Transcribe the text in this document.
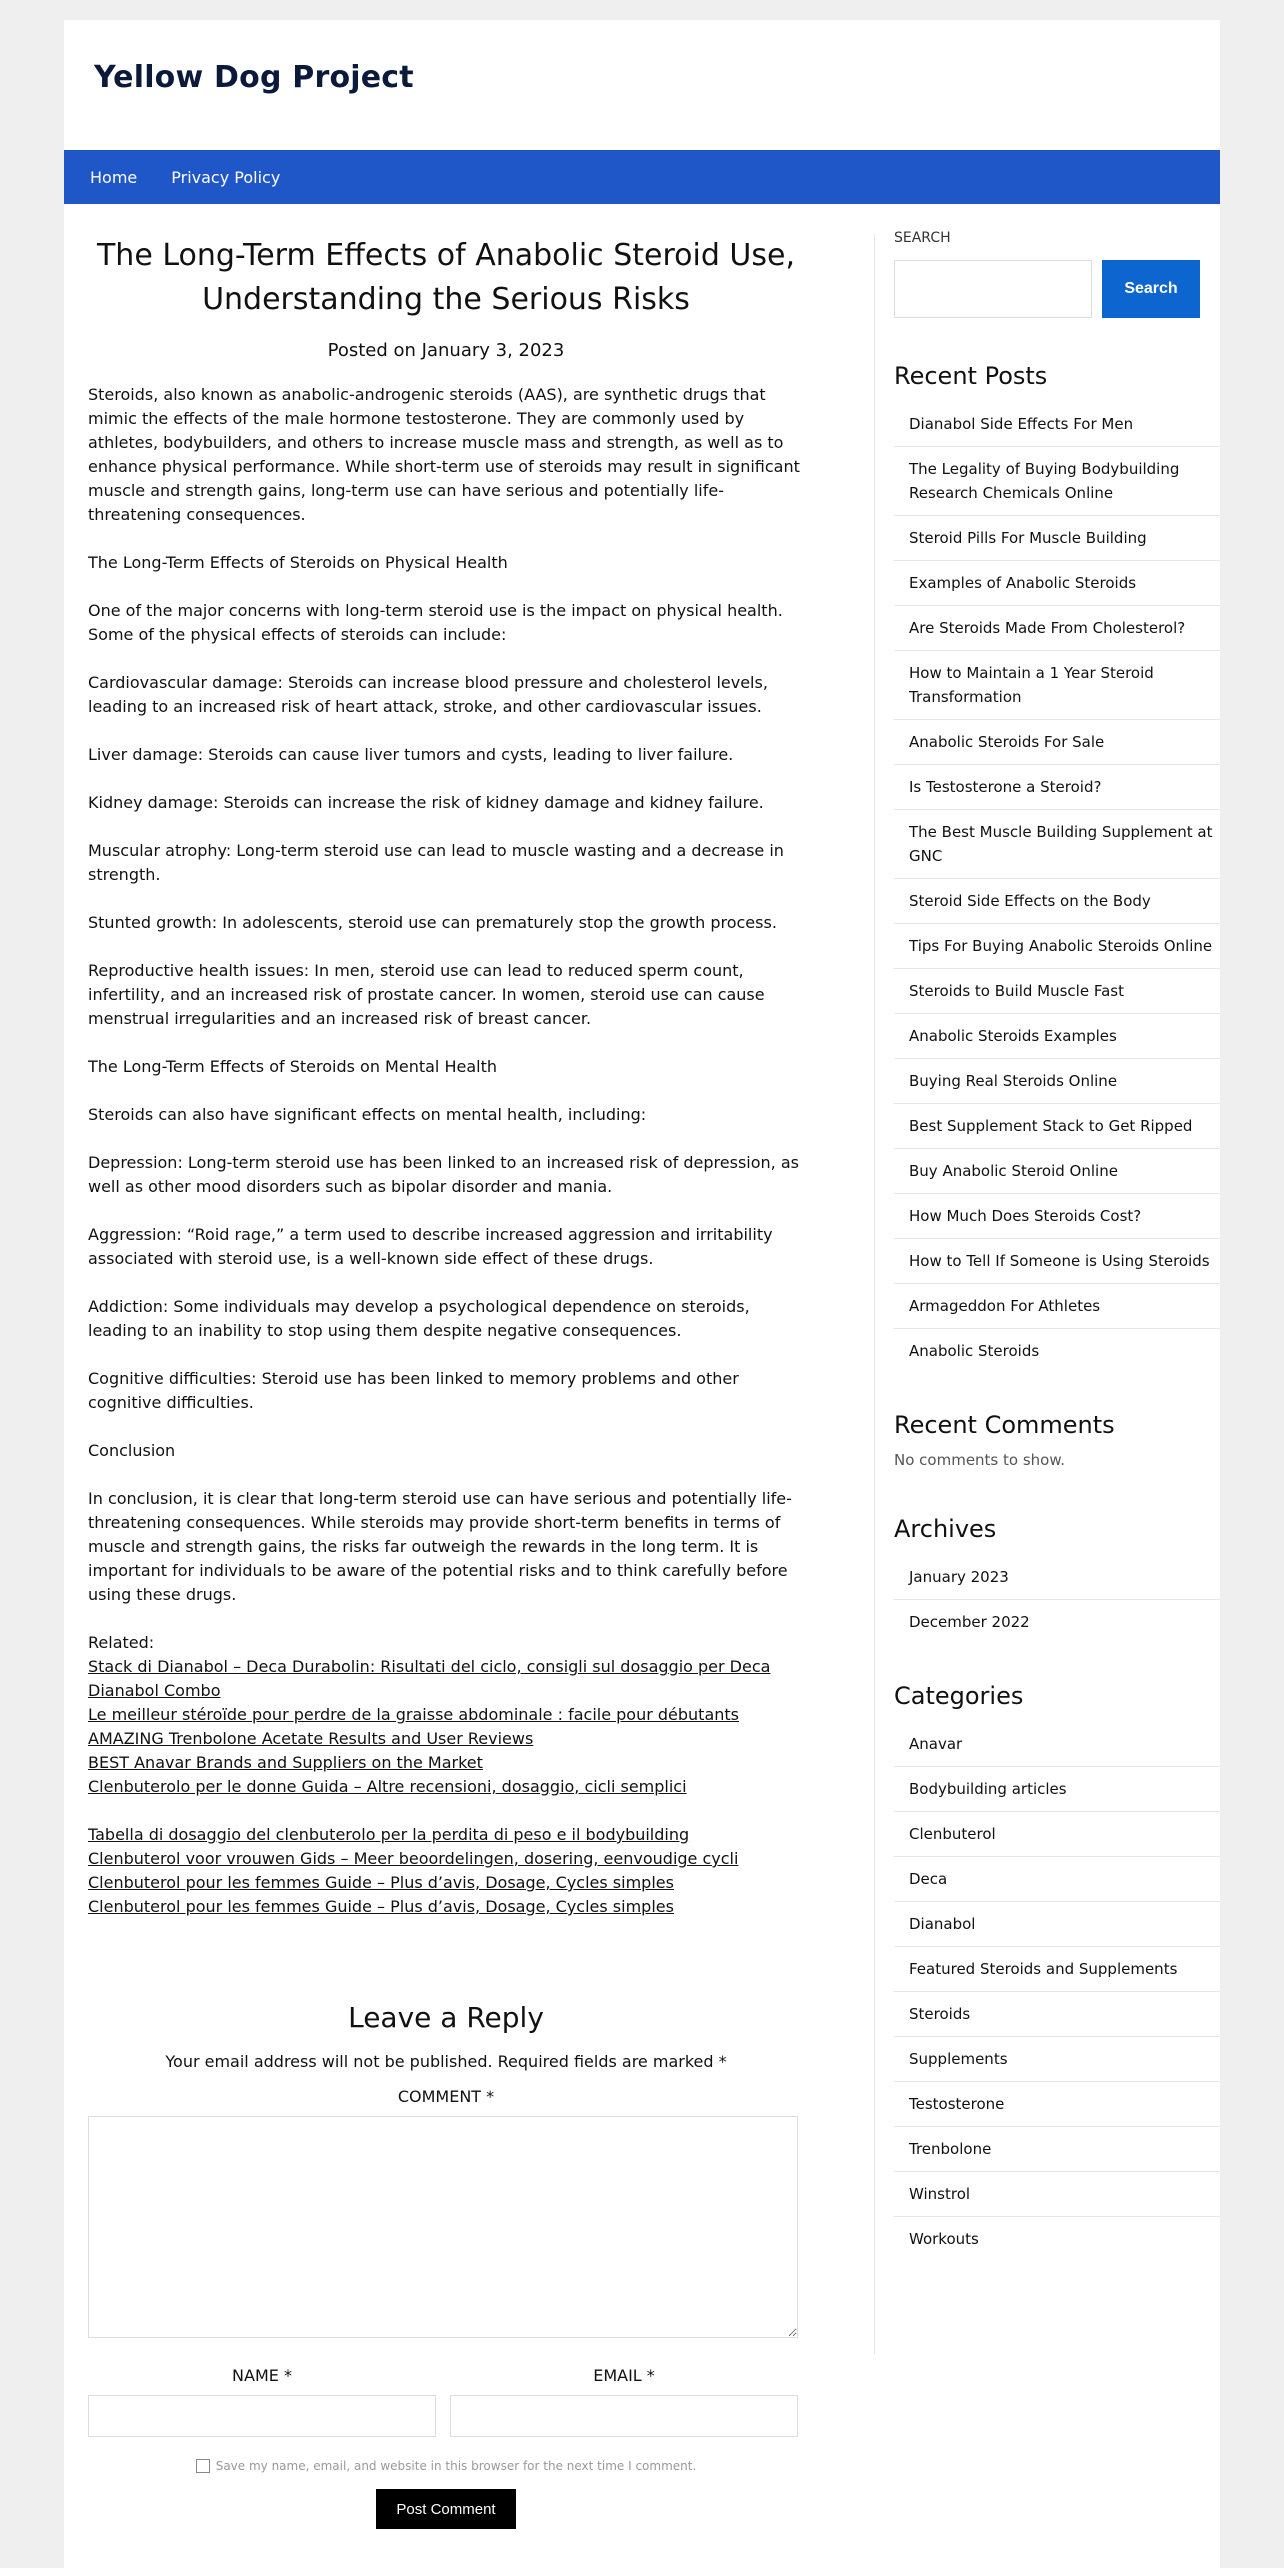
Yellow Dog Project
Home Privacy Policy
The Long-Term Effects of Anabolic Steroid Use, Understanding the Serious Risks
Posted on January 3, 2023

Steroids, also known as anabolic-androgenic steroids (AAS), are synthetic drugs that mimic the effects of the male hormone testosterone. They are commonly used by athletes, bodybuilders, and others to increase muscle mass and strength, as well as to enhance physical performance. While short-term use of steroids may result in significant muscle and strength gains, long-term use can have serious and potentially life-threatening consequences.

The Long-Term Effects of Steroids on Physical Health

One of the major concerns with long-term steroid use is the impact on physical health. Some of the physical effects of steroids can include:

Cardiovascular damage: Steroids can increase blood pressure and cholesterol levels, leading to an increased risk of heart attack, stroke, and other cardiovascular issues.

Liver damage: Steroids can cause liver tumors and cysts, leading to liver failure.

Kidney damage: Steroids can increase the risk of kidney damage and kidney failure.

Muscular atrophy: Long-term steroid use can lead to muscle wasting and a decrease in strength.

Stunted growth: In adolescents, steroid use can prematurely stop the growth process.

Reproductive health issues: In men, steroid use can lead to reduced sperm count, infertility, and an increased risk of prostate cancer. In women, steroid use can cause menstrual irregularities and an increased risk of breast cancer.

The Long-Term Effects of Steroids on Mental Health

Steroids can also have significant effects on mental health, including:

Depression: Long-term steroid use has been linked to an increased risk of depression, as well as other mood disorders such as bipolar disorder and mania.

Aggression: “Roid rage,” a term used to describe increased aggression and irritability associated with steroid use, is a well-known side effect of these drugs.

Addiction: Some individuals may develop a psychological dependence on steroids, leading to an inability to stop using them despite negative consequences.

Cognitive difficulties: Steroid use has been linked to memory problems and other cognitive difficulties.

Conclusion

In conclusion, it is clear that long-term steroid use can have serious and potentially life-threatening consequences. While steroids may provide short-term benefits in terms of muscle and strength gains, the risks far outweigh the rewards in the long term. It is important for individuals to be aware of the potential risks and to think carefully before using these drugs.

Related:
Stack di Dianabol – Deca Durabolin: Risultati del ciclo, consigli sul dosaggio per Deca Dianabol Combo
Le meilleur stéroïde pour perdre de la graisse abdominale : facile pour débutants
AMAZING Trenbolone Acetate Results and User Reviews
BEST Anavar Brands and Suppliers on the Market
Clenbuterolo per le donne Guida – Altre recensioni, dosaggio, cicli semplici
Tabella di dosaggio del clenbuterolo per la perdita di peso e il bodybuilding
Clenbuterol voor vrouwen Gids – Meer beoordelingen, dosering, eenvoudige cycli
Clenbuterol pour les femmes Guide – Plus d’avis, Dosage, Cycles simples
Clenbuterol pour les femmes Guide – Plus d’avis, Dosage, Cycles simples
Leave a Reply
Your email address will not be published. Required fields are marked *
COMMENT *
NAME *	EMAIL *
Save my name, email, and website in this browser for the next time I comment.
Post Comment
SEARCH
Search
Recent Posts
Dianabol Side Effects For Men
The Legality of Buying Bodybuilding Research Chemicals Online
Steroid Pills For Muscle Building
Examples of Anabolic Steroids
Are Steroids Made From Cholesterol?
How to Maintain a 1 Year Steroid Transformation
Anabolic Steroids For Sale
Is Testosterone a Steroid?
The Best Muscle Building Supplement at GNC
Steroid Side Effects on the Body
Tips For Buying Anabolic Steroids Online
Steroids to Build Muscle Fast
Anabolic Steroids Examples
Buying Real Steroids Online
Best Supplement Stack to Get Ripped
Buy Anabolic Steroid Online
How Much Does Steroids Cost?
How to Tell If Someone is Using Steroids
Armageddon For Athletes
Anabolic Steroids
Recent Comments

No comments to show.

Archives
January 2023
December 2022
Categories
Anavar
Bodybuilding articles
Clenbuterol
Deca
Dianabol
Featured Steroids and Supplements
Steroids
Supplements
Testosterone
Trenbolone
Winstrol
Workouts
